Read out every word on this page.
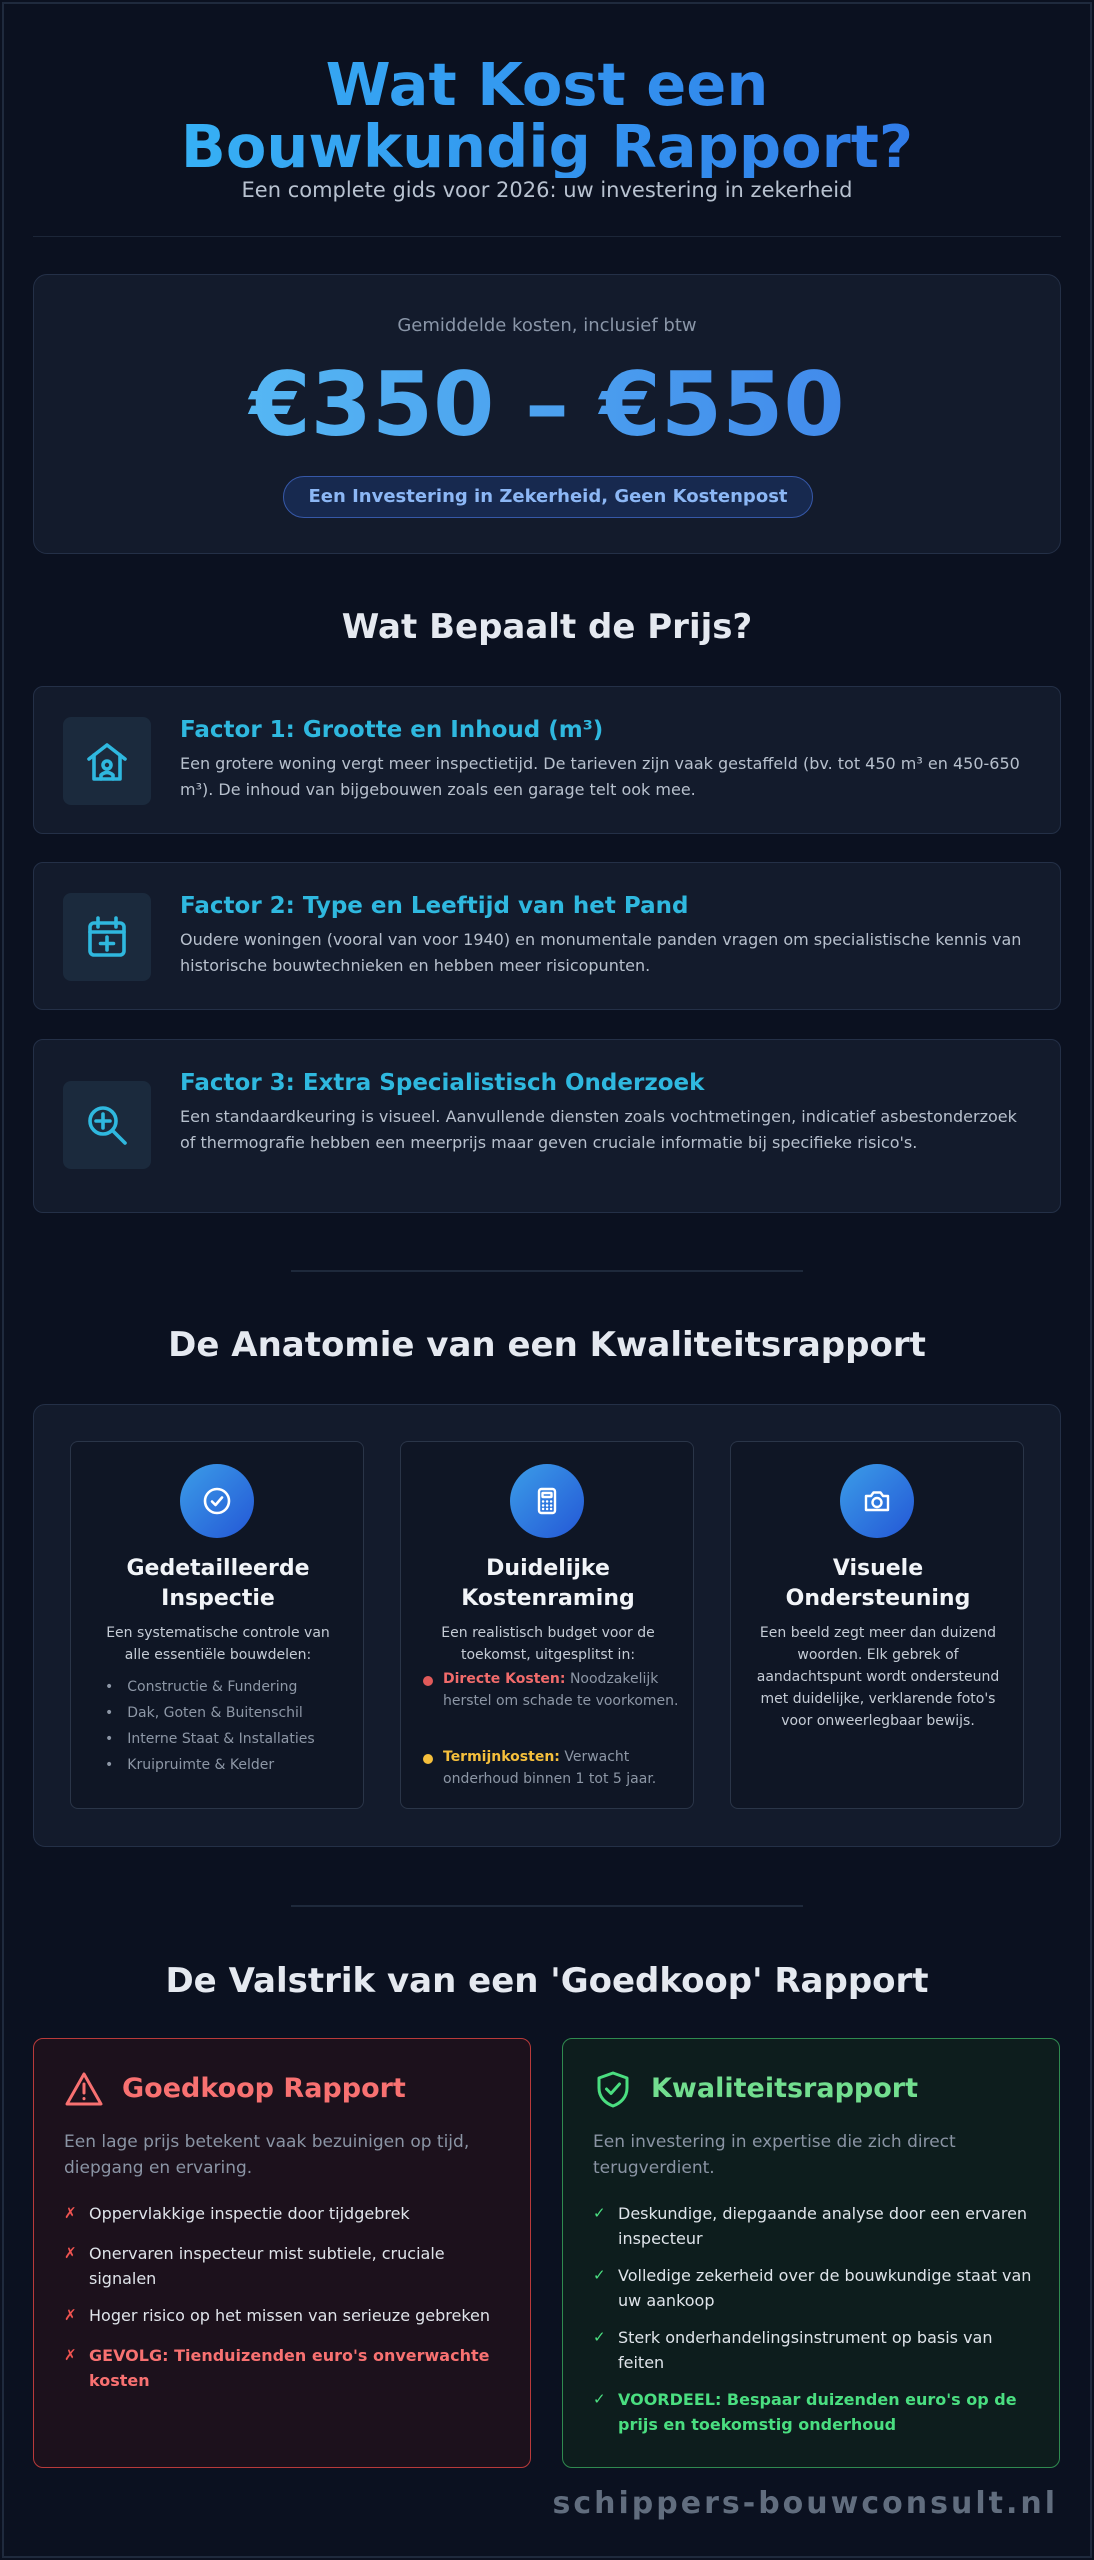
Wat Kost een Bouwkundig Rapport?
Een complete gids voor 2026: uw investering in zekerheid
Gemiddelde kosten, inclusief btw
€350 – €550
Een Investering in Zekerheid, Geen Kostenpost
Wat Bepaalt de Prijs?
Factor 1: Grootte en Inhoud (m³)
Een grotere woning vergt meer inspectietijd. De tarieven zijn vaak gestaffeld (bv. tot 450 m³ en 450-650 m³). De inhoud van bijgebouwen zoals een garage telt ook mee.
Factor 2: Type en Leeftijd van het Pand
Oudere woningen (vooral van voor 1940) en monumentale panden vragen om specialistische kennis van historische bouwtechnieken en hebben meer risicopunten.
Factor 3: Extra Specialistisch Onderzoek
Een standaardkeuring is visueel. Aanvullende diensten zoals vochtmetingen, indicatief asbestonderzoek of thermografie hebben een meerprijs maar geven cruciale informatie bij specifieke risico's.
De Anatomie van een Kwaliteitsrapport
Gedetailleerde Inspectie
Een systematische controle van alle essentiële bouwdelen:
• Constructie & Fundering
• Dak, Goten & Buitenschil
• Interne Staat & Installaties
• Kruipruimte & Kelder
Duidelijke Kostenraming
Een realistisch budget voor de toekomst, uitgesplitst in:
Directe Kosten: Noodzakelijk herstel om schade te voorkomen.
Termijnkosten: Verwacht onderhoud binnen 1 tot 5 jaar.
Visuele Ondersteuning
Een beeld zegt meer dan duizend woorden. Elk gebrek of aandachtspunt wordt ondersteund met duidelijke, verklarende foto's voor onweerlegbaar bewijs.
De Valstrik van een 'Goedkoop' Rapport
Goedkoop Rapport
Een lage prijs betekent vaak bezuinigen op tijd, diepgang en ervaring.
✗ Oppervlakkige inspectie door tijdgebrek
✗ Onervaren inspecteur mist subtiele, cruciale signalen
✗ Hoger risico op het missen van serieuze gebreken
✗ GEVOLG: Tienduizenden euro's onverwachte kosten
Kwaliteitsrapport
Een investering in expertise die zich direct terugverdient.
✓ Deskundige, diepgaande analyse door een ervaren inspecteur
✓ Volledige zekerheid over de bouwkundige staat van uw aankoop
✓ Sterk onderhandelingsinstrument op basis van feiten
✓ VOORDEEL: Bespaar duizenden euro's op de prijs en toekomstig onderhoud
schippers-bouwconsult.nl
